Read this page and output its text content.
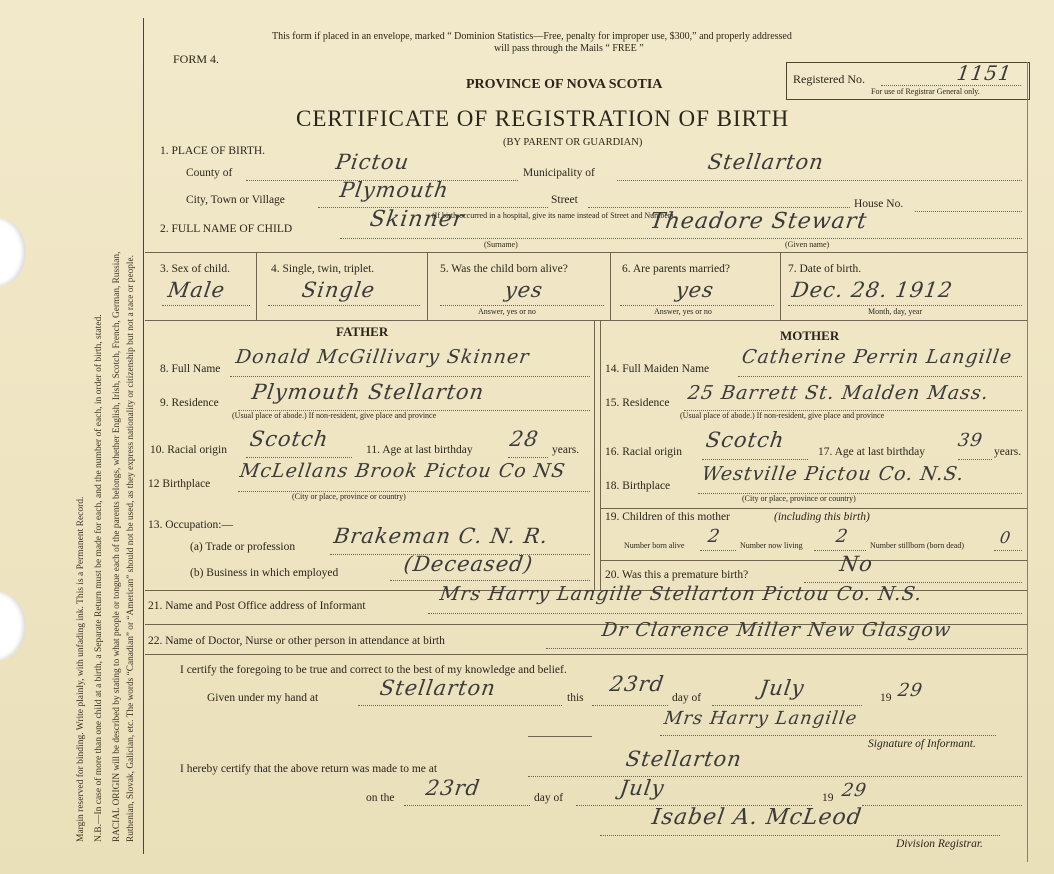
Margin reserved for binding. Write plainly, with unfading ink. This is a Permanent Record. N.B.—In case of more than one child at a birth, a Separate Return must be made for each, and the number of each, in order of birth, stated. RACIAL ORIGIN will be described by stating to what people or tongue each of the parents belongs, whether English, Irish, Scotch, French, German, Russian, Ruthenian, Slovak, Galician, etc. The words “Canadian” or “American” should not be used, as they express nationality or citizenship but not a race or people.
This form if placed in an envelope, marked “ Dominion Statistics—Free, penalty for improper use, $300,” and properly addressed
will pass through the Mails “ FREE ”
FORM 4.
PROVINCE OF NOVA SCOTIA	Registered No.	1151
For use of Registrar General only.
CERTIFICATE OF REGISTRATION OF BIRTH
(BY PARENT OR GUARDIAN)
1. PLACE OF BIRTH.
County of	Pictou	Municipality of	Stellarton
City, Town or Village	Plymouth	Street	House No.
(If birth occurred in a hospital, give its name instead of Street and Number)
2. FULL NAME OF CHILD	Skinner
(Surname)
Theadore Stewart
(Given name)
3. Sex of child.
Male
4. Single, twin, triplet.
Single
5. Was the child born alive?
yes
Answer, yes or no
6. Are parents married?
yes
Answer, yes or no
7. Date of birth.
Dec. 28. 1912
Month, day, year
FATHER
8. Full Name
Donald McGillivary Skinner
9. Residence Plymouth Stellarton
(Usual place of abode.) If non-resident, give place and province
10. Racial origin Scotch	11. Age at last birthday 28 years.
12 Birthplace
McLellans Brook Pictou Co NS
(City or place, province or country)
13. Occupation:—
(a) Trade or profession Brakeman C. N. R.
(b) Business in which employed	(Deceased)
MOTHER
14. Full Maiden Name
Catherine Perrin Langille
15. Residence 25 Barrett St. Malden Mass.
(Usual place of abode.) If non-resident, give place and province
16. Racial origin Scotch	17. Age at last birthday
39
years.
18. Birthplace
Westville Pictou Co. N.S.
(City or place, province or country)
19. Children of this mother	(including this birth)
Number born alive 2 Number now living 2	Number stillborn (born dead) 0
20. Was this a premature birth?	No
21. Name and Post Office address of Informant
Mrs Harry Langille Stellarton Pictou Co. N.S.
22. Name of Doctor, Nurse or other person in attendance at birth	Dr Clarence Miller New Glasgow
I certify the foregoing to be true and correct to the best of my knowledge and belief.
Given under my hand at	Stellarton	this
23rd
day of	July	19 29
Mrs Harry Langille
Signature of Informant.
I hereby certify that the above return was made to me at	Stellarton
on the 23rd	day of	July	19 29
Isabel A. McLeod
Division Registrar.
